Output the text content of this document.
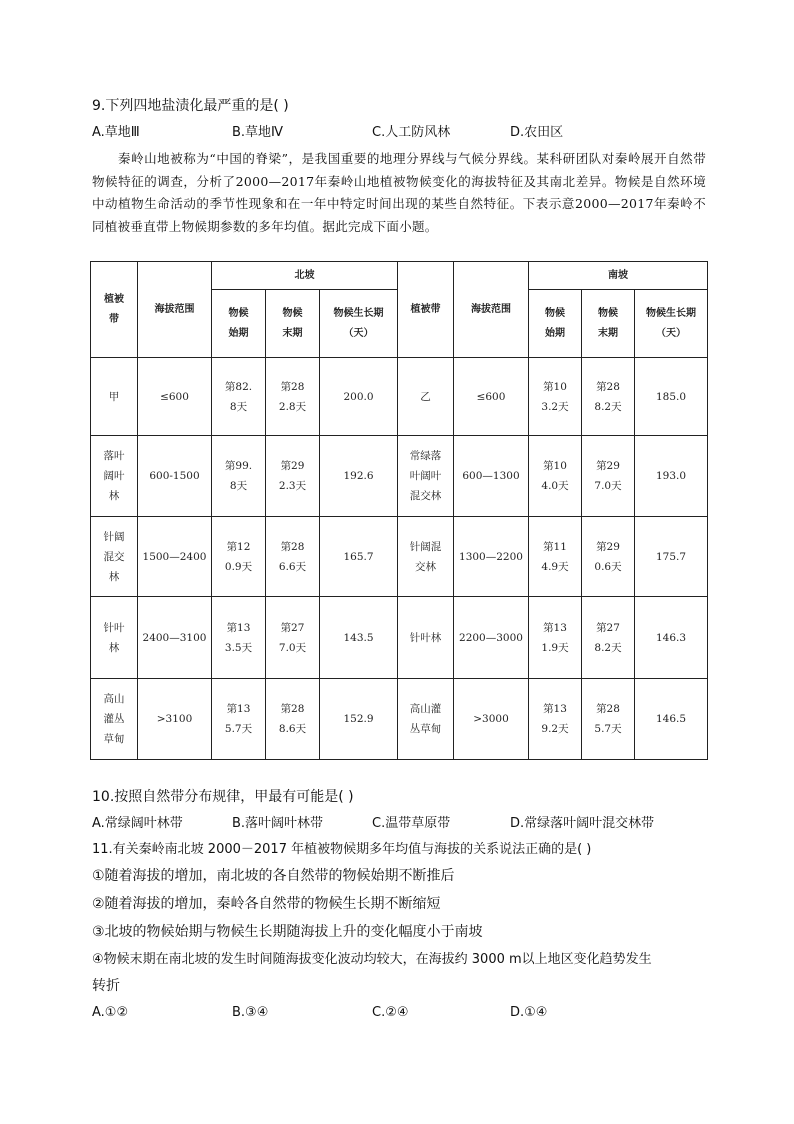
9.下列四地盐渍化最严重的是( )
A.草地Ⅲ	B.草地Ⅳ	C.人工防风林	D.农田区
秦岭山地被称为“中国的脊梁”，是我国重要的地理分界线与气候分界线。某科研团队对秦岭展开自然带物候特征的调查，分析了2000—2017年秦岭山地植被物候变化的海拔特征及其南北差异。物候是自然环境中动植物生命活动的季节性现象和在一年中特定时间出现的某些自然特征。下表示意2000—2017年秦岭不同植被垂直带上物候期参数的多年均值。据此完成下面小题。
植被带	海拔范围	北坡			植被带	海拔范围	南坡		
		物候始期	物候末期	物候生长期（天）			物候始期	物候末期	物候生长期（天）
甲	≤600	第82.8天	第282.8天	200.0	乙	≤600	第103.2天	第288.2天	185.0
落叶阔叶林	600-1500	第99.8天	第292.3天	192.6	常绿落叶阔叶混交林	600—1300	第104.0天	第297.0天	193.0
针阔混交林	1500—2400	第120.9天	第286.6天	165.7	针阔混交林	1300—2200	第114.9天	第290.6天	175.7
针叶林	2400—3100	第133.5天	第277.0天	143.5	针叶林	2200—3000	第131.9天	第278.2天	146.3
高山灌丛草甸	>3100	第135.7天	第288.6天	152.9	高山灌丛草甸	>3000	第139.2天	第285.7天	146.5
10.按照自然带分布规律，甲最有可能是( )
A.常绿阔叶林带	B.落叶阔叶林带	C.温带草原带	D.常绿落叶阔叶混交林带
11.有关秦岭南北坡 2000－2017 年植被物候期多年均值与海拔的关系说法正确的是( )
①随着海拔的增加，南北坡的各自然带的物候始期不断推后
②随着海拔的增加，秦岭各自然带的物候生长期不断缩短
③北坡的物候始期与物候生长期随海拔上升的变化幅度小于南坡
④物候末期在南北坡的发生时间随海拔变化波动均较大，在海拔约 3000 m以上地区变化趋势发生
转折
A.①②	B.③④	C.②④	D.①④
